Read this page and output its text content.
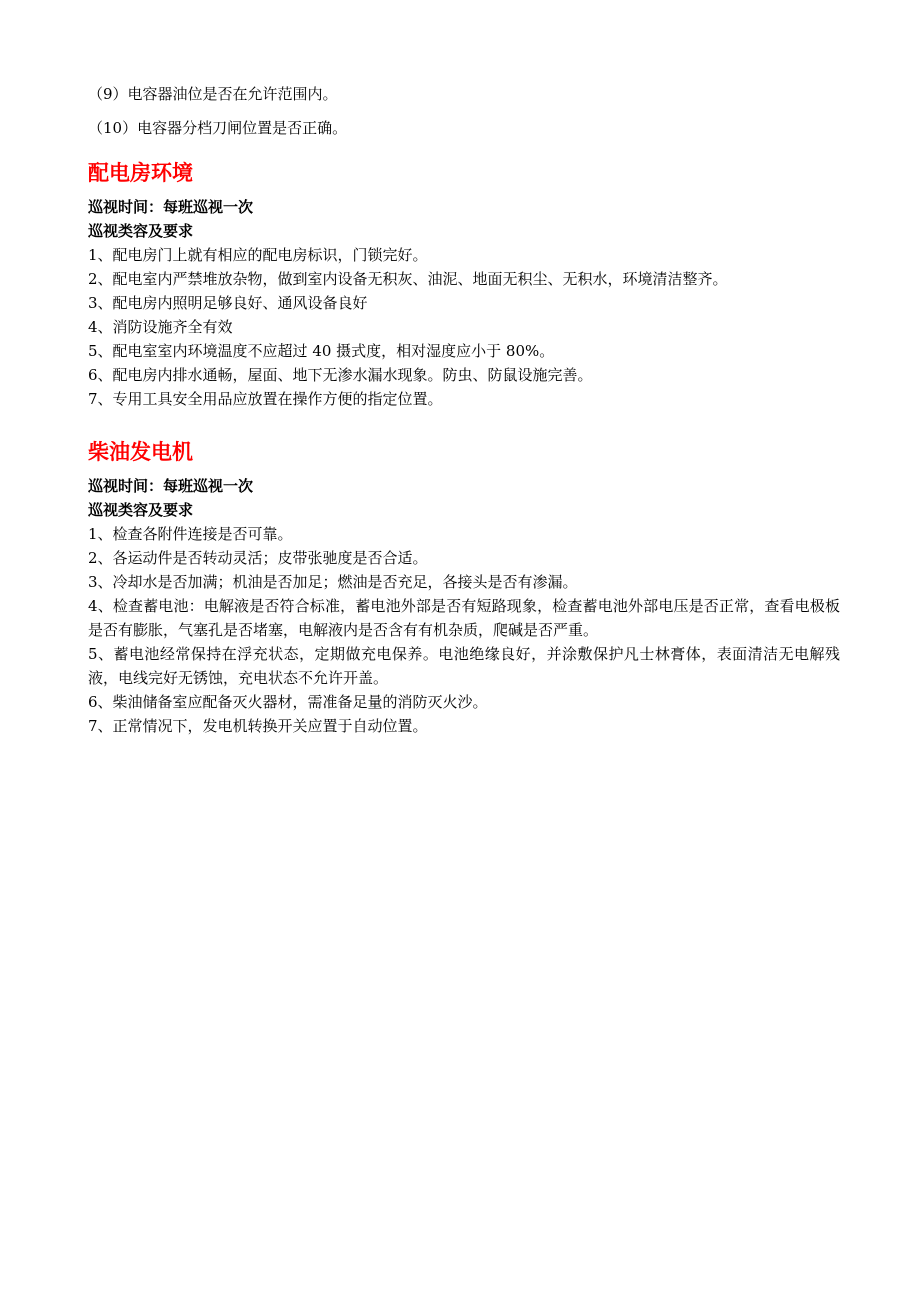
（9）电容器油位是否在允许范围内。

（10）电容器分档刀闸位置是否正确。

配电房环境

巡视时间：每班巡视一次

巡视类容及要求

1、配电房门上就有相应的配电房标识，门锁完好。

2、配电室内严禁堆放杂物，做到室内设备无积灰、油泥、地面无积尘、无积水，环境清洁整齐。

3、配电房内照明足够良好、通风设备良好

4、消防设施齐全有效

5、配电室室内环境温度不应超过 40 摄式度，相对湿度应小于 80%。

6、配电房内排水通畅，屋面、地下无渗水漏水现象。防虫、防鼠设施完善。

7、专用工具安全用品应放置在操作方便的指定位置。

柴油发电机

巡视时间：每班巡视一次

巡视类容及要求

1、检查各附件连接是否可靠。

2、各运动件是否转动灵活；皮带张驰度是否合适。

3、冷却水是否加满；机油是否加足；燃油是否充足，各接头是否有渗漏。

4、检查蓄电池：电解液是否符合标准，蓄电池外部是否有短路现象，检查蓄电池外部电压是否正常，查看电极板是否有膨胀，气塞孔是否堵塞，电解液内是否含有有机杂质，爬碱是否严重。

5、蓄电池经常保持在浮充状态，定期做充电保养。电池绝缘良好，并涂敷保护凡士林膏体，表面清洁无电解残液，电线完好无锈蚀，充电状态不允许开盖。

6、柴油储备室应配备灭火器材，需准备足量的消防灭火沙。

7、正常情况下，发电机转换开关应置于自动位置。
